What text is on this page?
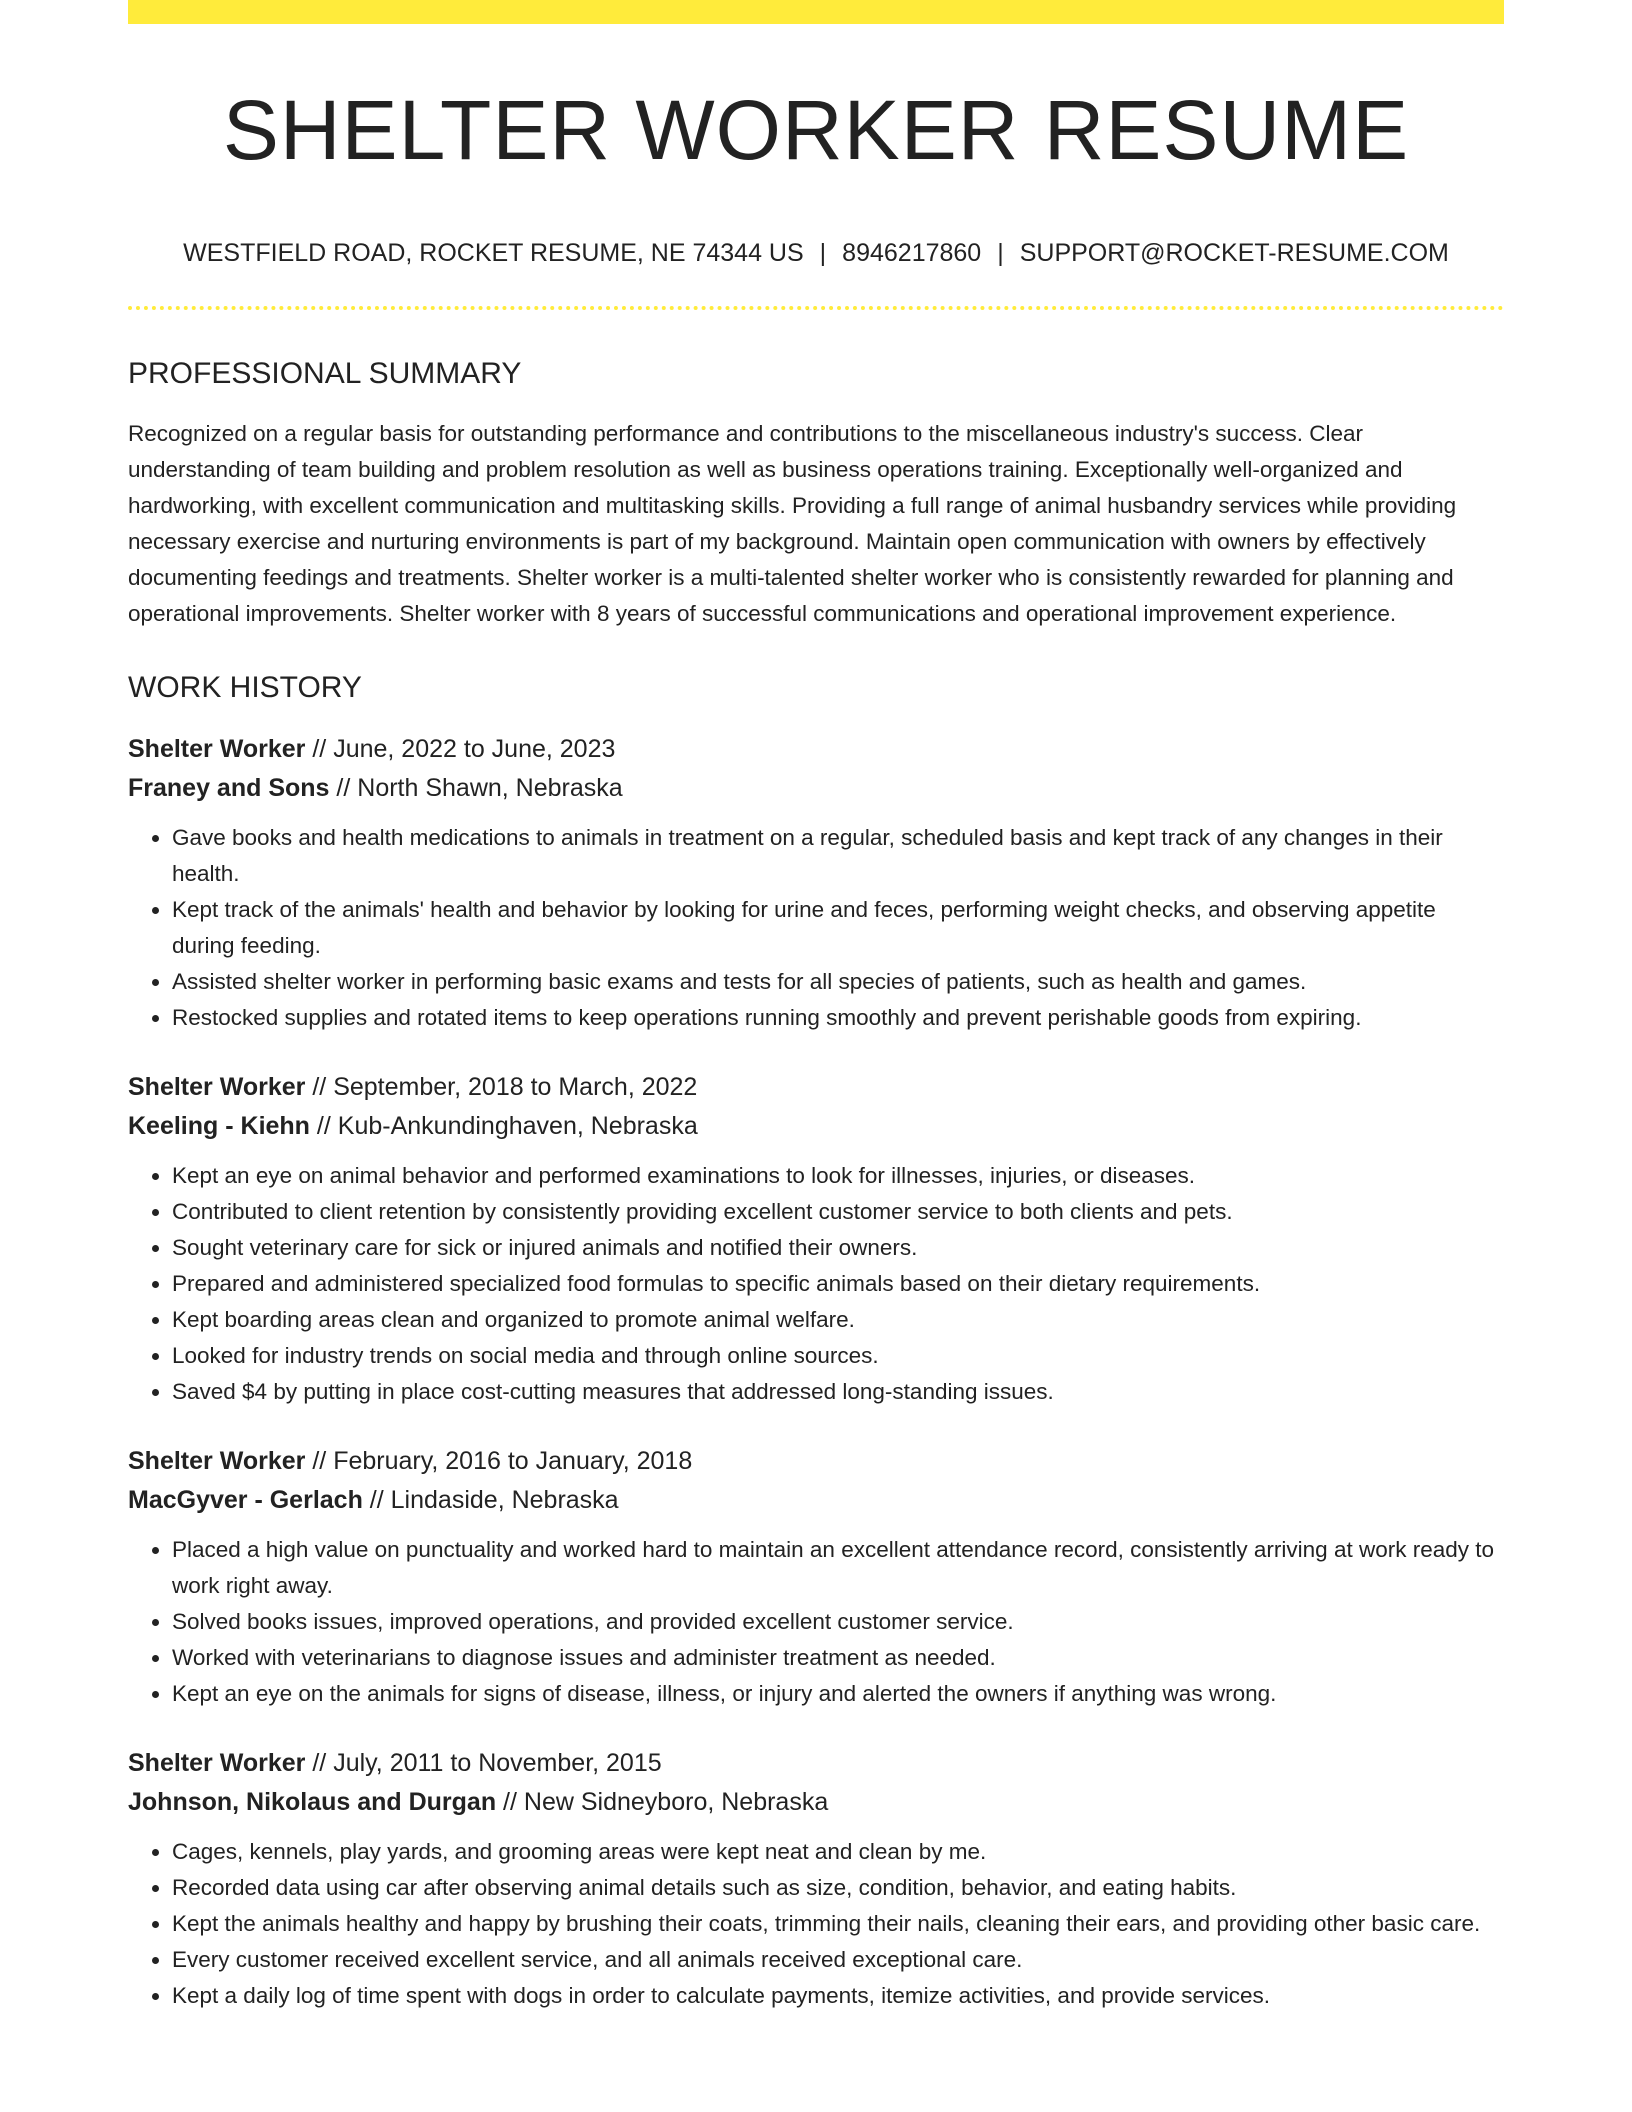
SHELTER WORKER RESUME
WESTFIELD ROAD, ROCKET RESUME, NE 74344 US | 8946217860 | SUPPORT@ROCKET-RESUME.COM
PROFESSIONAL SUMMARY

Recognized on a regular basis for outstanding performance and contributions to the miscellaneous industry's success. Clear understanding of team building and problem resolution as well as business operations training. Exceptionally well-organized and hardworking, with excellent communication and multitasking skills. Providing a full range of animal husbandry services while providing necessary exercise and nurturing environments is part of my background. Maintain open communication with owners by effectively documenting feedings and treatments. Shelter worker is a multi-talented shelter worker who is consistently rewarded for planning and operational improvements. Shelter worker with 8 years of successful communications and operational improvement experience.

WORK HISTORY
Shelter Worker // June, 2022 to June, 2023
Franey and Sons // North Shawn, Nebraska
• Gave books and health medications to animals in treatment on a regular, scheduled basis and kept track of any changes in their health.
• Kept track of the animals' health and behavior by looking for urine and feces, performing weight checks, and observing appetite during feeding.
• Assisted shelter worker in performing basic exams and tests for all species of patients, such as health and games.
• Restocked supplies and rotated items to keep operations running smoothly and prevent perishable goods from expiring.
Shelter Worker // September, 2018 to March, 2022
Keeling - Kiehn // Kub-Ankundinghaven, Nebraska
• Kept an eye on animal behavior and performed examinations to look for illnesses, injuries, or diseases.
• Contributed to client retention by consistently providing excellent customer service to both clients and pets.
• Sought veterinary care for sick or injured animals and notified their owners.
• Prepared and administered specialized food formulas to specific animals based on their dietary requirements.
• Kept boarding areas clean and organized to promote animal welfare.
• Looked for industry trends on social media and through online sources.
• Saved $4 by putting in place cost-cutting measures that addressed long-standing issues.
Shelter Worker // February, 2016 to January, 2018
MacGyver - Gerlach // Lindaside, Nebraska
• Placed a high value on punctuality and worked hard to maintain an excellent attendance record, consistently arriving at work ready to work right away.
• Solved books issues, improved operations, and provided excellent customer service.
• Worked with veterinarians to diagnose issues and administer treatment as needed.
• Kept an eye on the animals for signs of disease, illness, or injury and alerted the owners if anything was wrong.
Shelter Worker // July, 2011 to November, 2015
Johnson, Nikolaus and Durgan // New Sidneyboro, Nebraska
• Cages, kennels, play yards, and grooming areas were kept neat and clean by me.
• Recorded data using car after observing animal details such as size, condition, behavior, and eating habits.
• Kept the animals healthy and happy by brushing their coats, trimming their nails, cleaning their ears, and providing other basic care.
• Every customer received excellent service, and all animals received exceptional care.
• Kept a daily log of time spent with dogs in order to calculate payments, itemize activities, and provide services.
